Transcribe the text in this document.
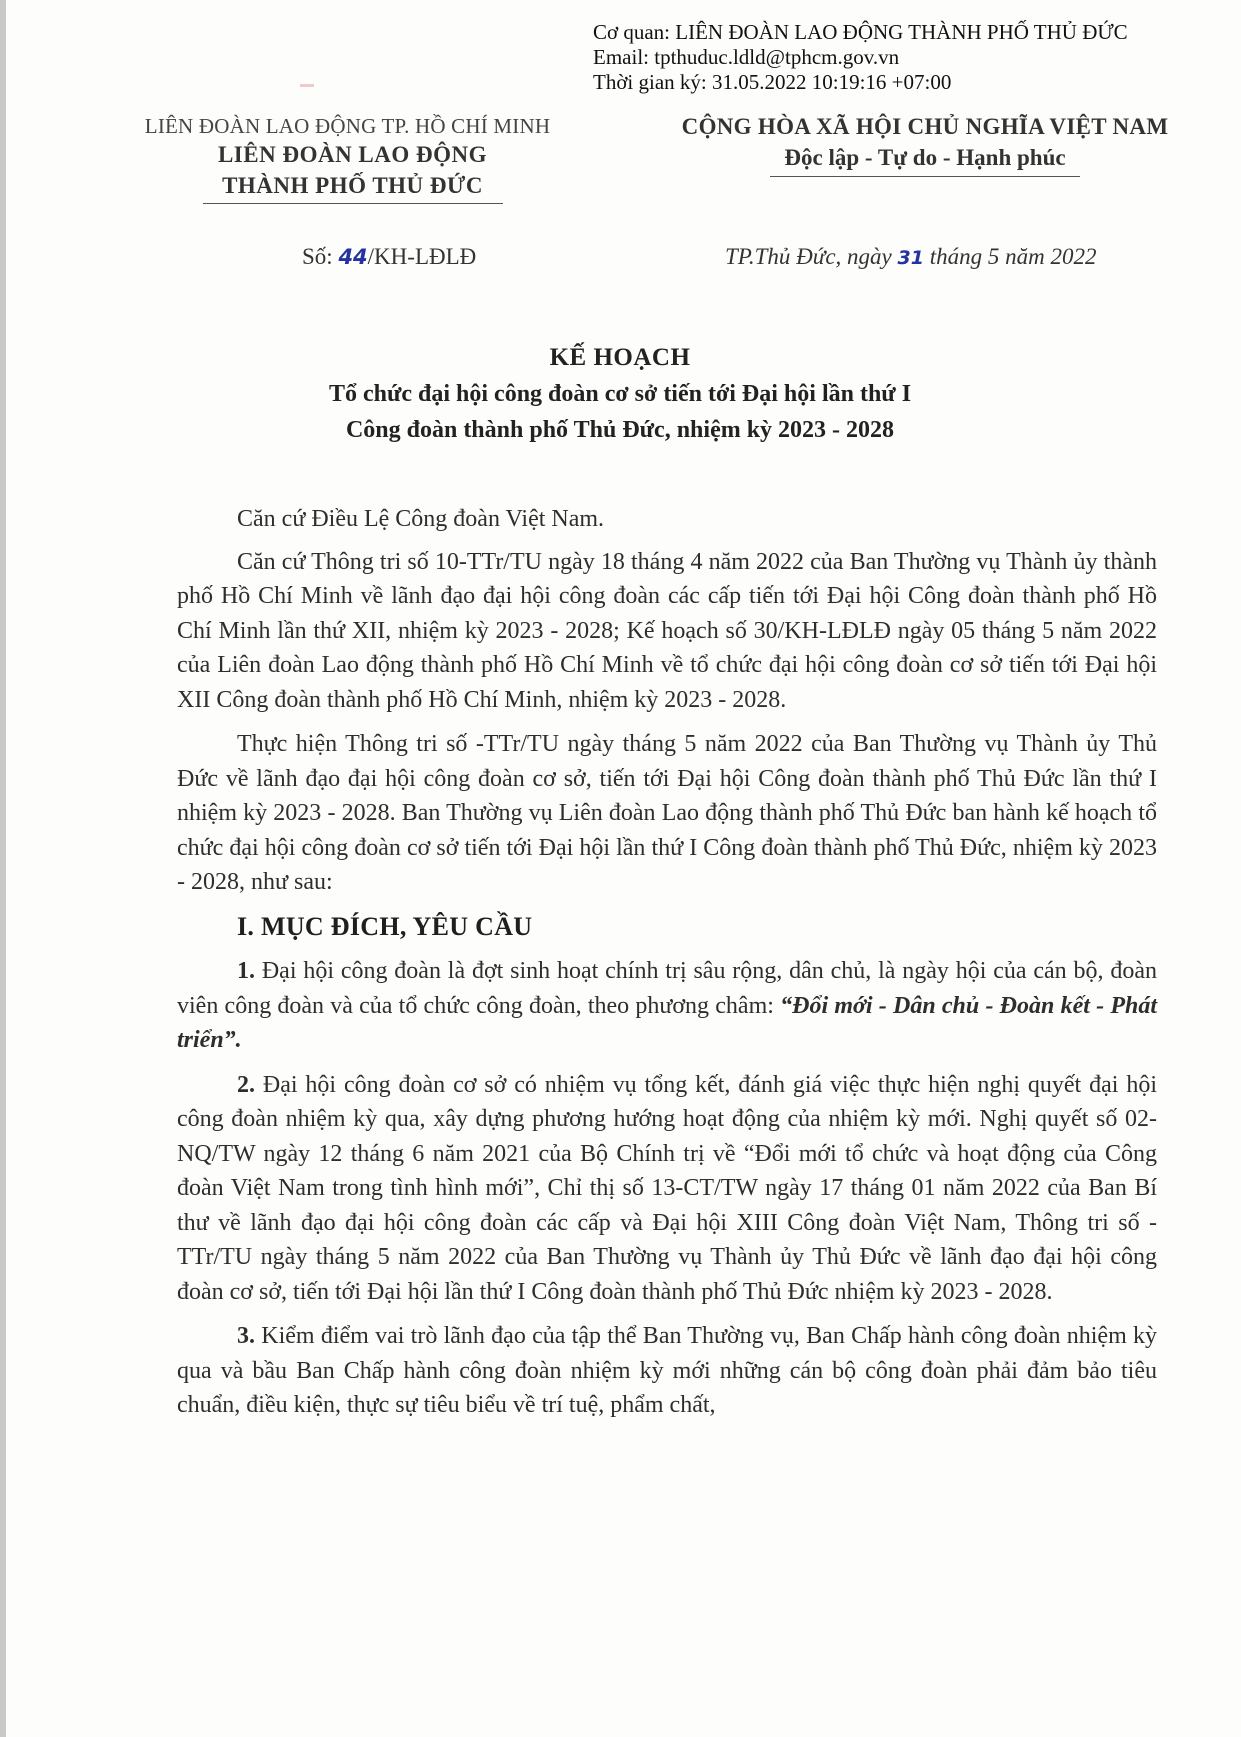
Cơ quan: LIÊN ĐOÀN LAO ĐỘNG THÀNH PHỐ THỦ ĐỨC
Email: tpthuduc.ldld@tphcm.gov.vn
Thời gian ký: 31.05.2022 10:19:16 +07:00
LIÊN ĐOÀN LAO ĐỘNG TP. HỒ CHÍ MINH
LIÊN ĐOÀN LAO ĐỘNG
THÀNH PHỐ THỦ ĐỨC
CỘNG HÒA XÃ HỘI CHỦ NGHĨA VIỆT NAM
Độc lập - Tự do - Hạnh phúc
Số: 44/KH-LĐLĐ	TP.Thủ Đức, ngày 31 tháng 5 năm 2022
KẾ HOẠCH
Tổ chức đại hội công đoàn cơ sở tiến tới Đại hội lần thứ I
Công đoàn thành phố Thủ Đức, nhiệm kỳ 2023 - 2028

Căn cứ Điều Lệ Công đoàn Việt Nam.

Căn cứ Thông tri số 10-TTr/TU ngày 18 tháng 4 năm 2022 của Ban Thường vụ Thành ủy thành phố Hồ Chí Minh về lãnh đạo đại hội công đoàn các cấp tiến tới Đại hội Công đoàn thành phố Hồ Chí Minh lần thứ XII, nhiệm kỳ 2023 - 2028; Kế hoạch số 30/KH-LĐLĐ ngày 05 tháng 5 năm 2022 của Liên đoàn Lao động thành phố Hồ Chí Minh về tổ chức đại hội công đoàn cơ sở tiến tới Đại hội XII Công đoàn thành phố Hồ Chí Minh, nhiệm kỳ 2023 - 2028.

Thực hiện Thông tri số -TTr/TU ngày tháng 5 năm 2022 của Ban Thường vụ Thành ủy Thủ Đức về lãnh đạo đại hội công đoàn cơ sở, tiến tới Đại hội Công đoàn thành phố Thủ Đức lần thứ I nhiệm kỳ 2023 - 2028. Ban Thường vụ Liên đoàn Lao động thành phố Thủ Đức ban hành kế hoạch tổ chức đại hội công đoàn cơ sở tiến tới Đại hội lần thứ I Công đoàn thành phố Thủ Đức, nhiệm kỳ 2023 - 2028, như sau:

I. MỤC ĐÍCH, YÊU CẦU

1. Đại hội công đoàn là đợt sinh hoạt chính trị sâu rộng, dân chủ, là ngày hội của cán bộ, đoàn viên công đoàn và của tổ chức công đoàn, theo phương châm: “Đổi mới - Dân chủ - Đoàn kết - Phát triển”.

2. Đại hội công đoàn cơ sở có nhiệm vụ tổng kết, đánh giá việc thực hiện nghị quyết đại hội công đoàn nhiệm kỳ qua, xây dựng phương hướng hoạt động của nhiệm kỳ mới. Nghị quyết số 02-NQ/TW ngày 12 tháng 6 năm 2021 của Bộ Chính trị về “Đổi mới tổ chức và hoạt động của Công đoàn Việt Nam trong tình hình mới”, Chỉ thị số 13-CT/TW ngày 17 tháng 01 năm 2022 của Ban Bí thư về lãnh đạo đại hội công đoàn các cấp và Đại hội XIII Công đoàn Việt Nam, Thông tri số -TTr/TU ngày tháng 5 năm 2022 của Ban Thường vụ Thành ủy Thủ Đức về lãnh đạo đại hội công đoàn cơ sở, tiến tới Đại hội lần thứ I Công đoàn thành phố Thủ Đức nhiệm kỳ 2023 - 2028.

3. Kiểm điểm vai trò lãnh đạo của tập thể Ban Thường vụ, Ban Chấp hành công đoàn nhiệm kỳ qua và bầu Ban Chấp hành công đoàn nhiệm kỳ mới những cán bộ công đoàn phải đảm bảo tiêu chuẩn, điều kiện, thực sự tiêu biểu về trí tuệ, phẩm chất,
